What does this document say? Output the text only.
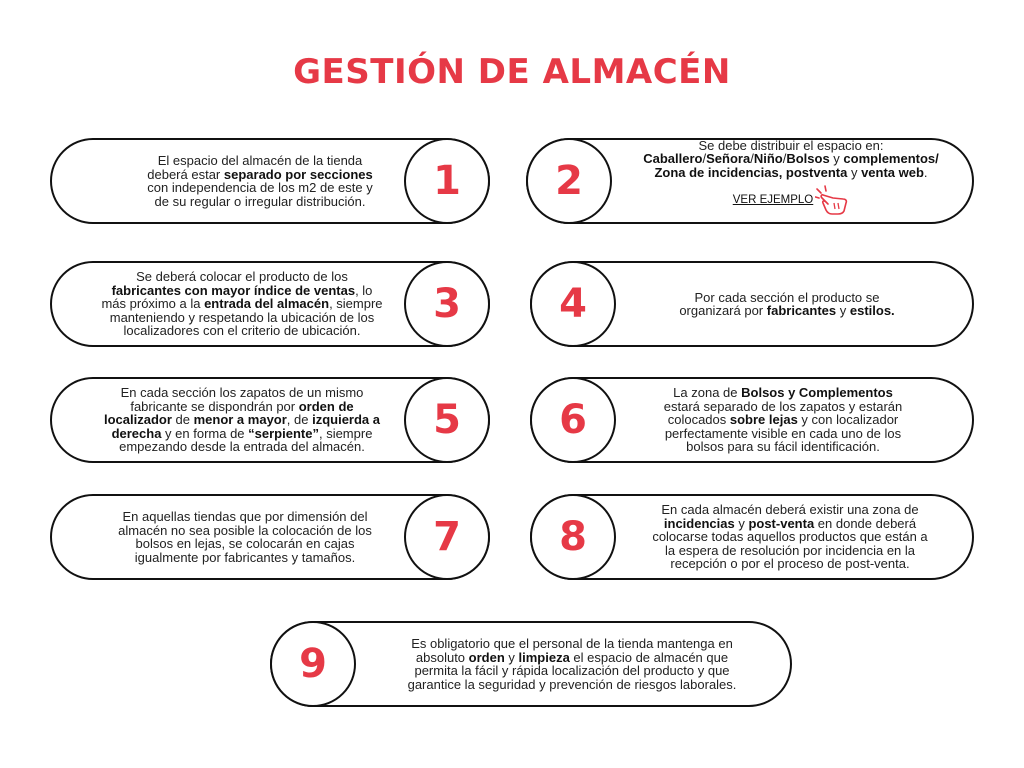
GESTIÓN DE ALMACÉN
El espacio del almacén de la tienda
deberá estar separado por secciones
con independencia de los m2 de este y
de su regular o irregular distribución.	1	2
Se debe distribuir el espacio en:
Caballero/Señora/Niño/Bolsos y complementos/
Zona de incidencias, postventa y venta web.
VER EJEMPLO
Se deberá colocar el producto de los
fabricantes con mayor índice de ventas, lo
más próximo a la entrada del almacén, siempre
manteniendo y respetando la ubicación de los
localizadores con el criterio de ubicación.
3	4	Por cada sección el producto se
organizará por fabricantes y estilos.
En cada sección los zapatos de un mismo
fabricante se dispondrán por orden de
localizador de menor a mayor, de izquierda a
derecha y en forma de “serpiente”, siempre
empezando desde la entrada del almacén.
5	6
La zona de Bolsos y Complementos
estará separado de los zapatos y estarán
colocados sobre lejas y con localizador
perfectamente visible en cada uno de los
bolsos para su fácil identificación.
En aquellas tiendas que por dimensión del
almacén no sea posible la colocación de los
bolsos en lejas, se colocarán en cajas
igualmente por fabricantes y tamaños.	7	8
En cada almacén deberá existir una zona de
incidencias y post-venta en donde deberá
colocarse todas aquellos productos que están a
la espera de resolución por incidencia en la
recepción o por el proceso de post-venta.
9	Es obligatorio que el personal de la tienda mantenga en
absoluto orden y limpieza el espacio de almacén que
permita la fácil y rápida localización del producto y que
garantice la seguridad y prevención de riesgos laborales.
